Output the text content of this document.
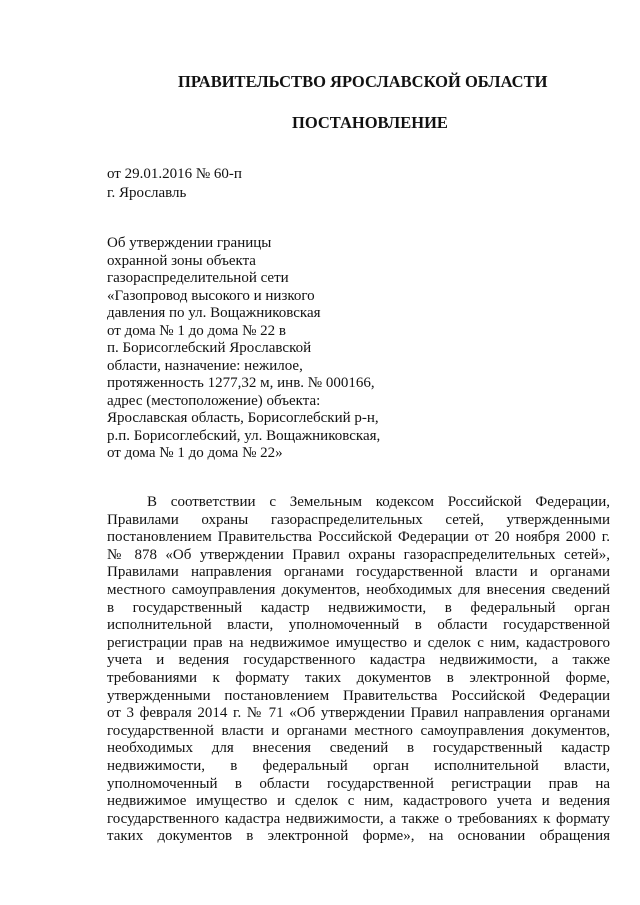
ПРАВИТЕЛЬСТВО ЯРОСЛАВСКОЙ ОБЛАСТИ
ПОСТАНОВЛЕНИЕ
от 29.01.2016 № 60-п
г. Ярославль
Об утверждении границы
охранной зоны объекта
газораспределительной сети
«Газопровод высокого и низкого
давления по ул. Вощажниковская
от дома № 1 до дома № 22 в
п. Борисоглебский Ярославской
области, назначение: нежилое,
протяженность 1277,32 м, инв. № 000166,
адрес (местоположение) объекта:
Ярославская область, Борисоглебский р-н,
р.п. Борисоглебский, ул. Вощажниковская,
от дома № 1 до дома № 22»
В соответствии с Земельным кодексом Российской Федерации,
Правилами охраны газораспределительных сетей, утвержденными
постановлением Правительства Российской Федерации от 20 ноября 2000 г.
№ 878 «Об утверждении Правил охраны газораспределительных сетей»,
Правилами направления органами государственной власти и органами
местного самоуправления документов, необходимых для внесения сведений
в государственный кадастр недвижимости, в федеральный орган
исполнительной власти, уполномоченный в области государственной
регистрации прав на недвижимое имущество и сделок с ним, кадастрового
учета и ведения государственного кадастра недвижимости, а также
требованиями к формату таких документов в электронной форме,
утвержденными постановлением Правительства Российской Федерации
от 3 февраля 2014 г. № 71 «Об утверждении Правил направления органами
государственной власти и органами местного самоуправления документов,
необходимых для внесения сведений в государственный кадастр
недвижимости, в федеральный орган исполнительной власти,
уполномоченный в области государственной регистрации прав на
недвижимое имущество и сделок с ним, кадастрового учета и ведения
государственного кадастра недвижимости, а также о требованиях к формату
таких документов в электронной форме», на основании обращения
